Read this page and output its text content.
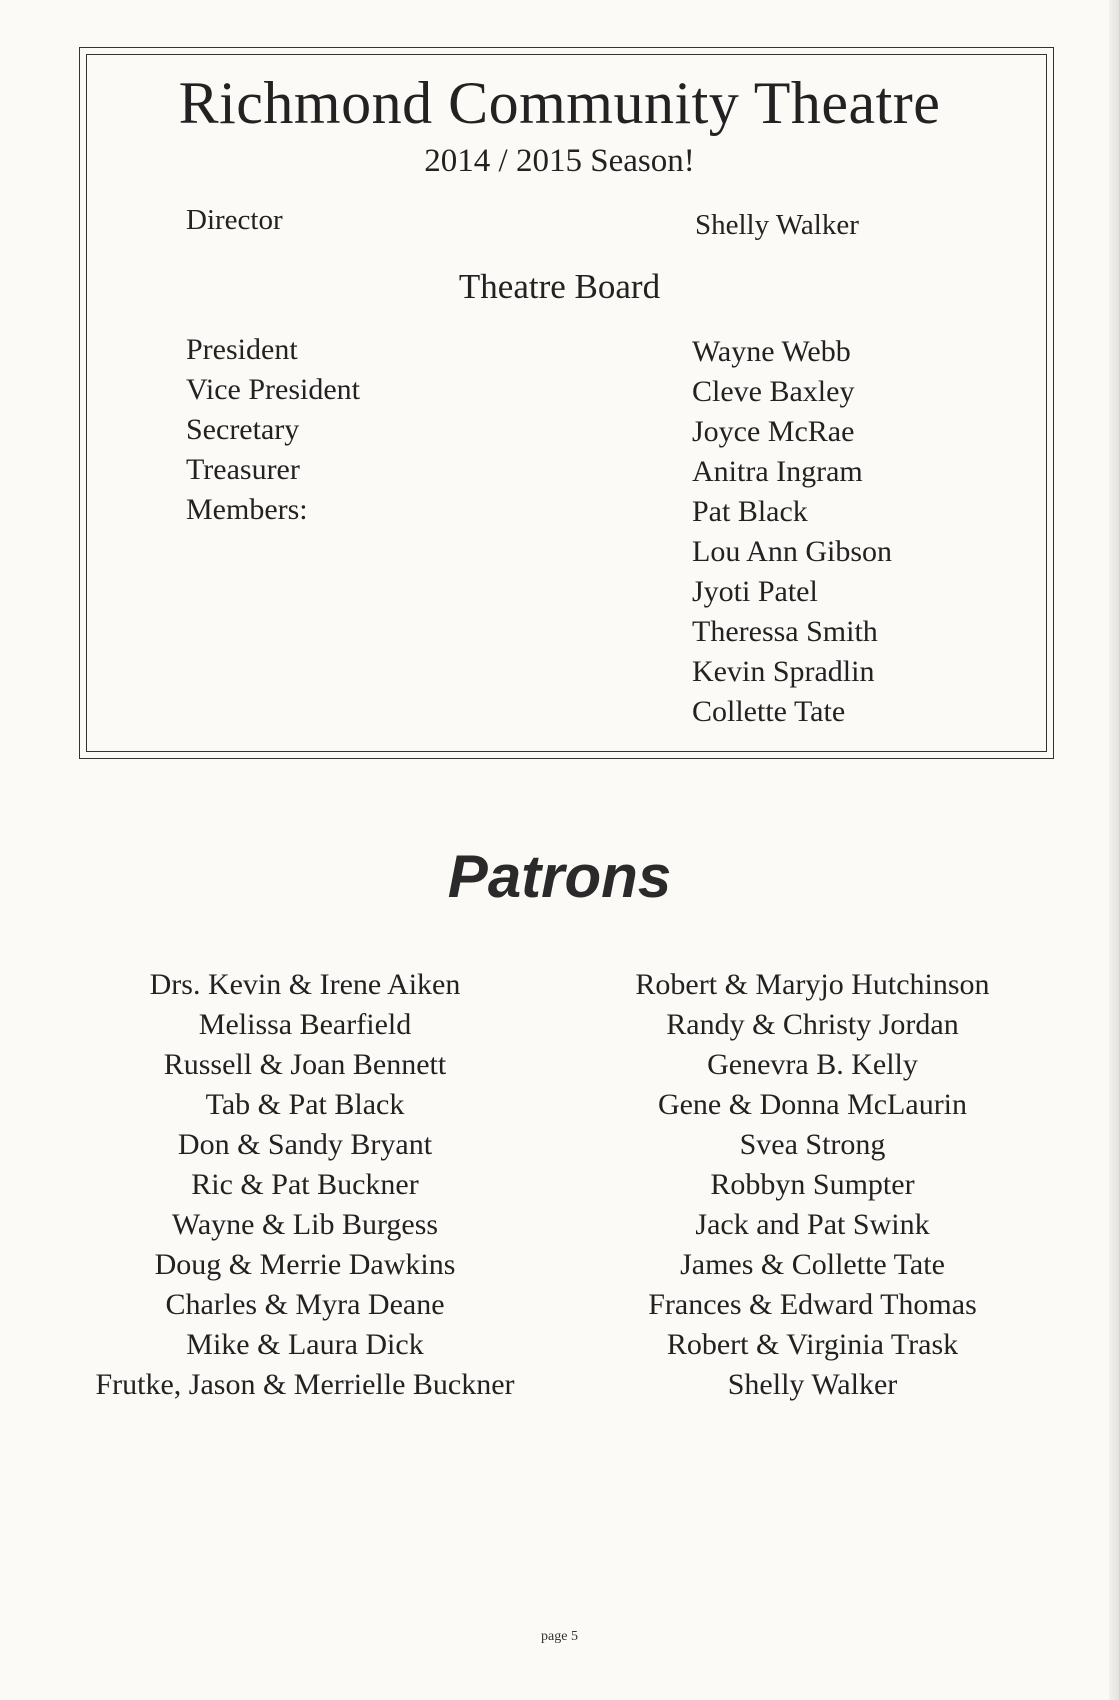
Richmond Community Theatre
2014 / 2015 Season!
Director	Shelly Walker
Theatre Board
President
Vice President
Secretary
Treasurer
Members:
Wayne Webb
Cleve Baxley
Joyce McRae
Anitra Ingram
Pat Black
Lou Ann Gibson
Jyoti Patel
Theressa Smith
Kevin Spradlin
Collette Tate
Patrons
Drs. Kevin & Irene Aiken
Melissa Bearfield
Russell & Joan Bennett
Tab & Pat Black
Don & Sandy Bryant
Ric & Pat Buckner
Wayne & Lib Burgess
Doug & Merrie Dawkins
Charles & Myra Deane
Mike & Laura Dick
Frutke, Jason & Merrielle Buckner
Robert & Maryjo Hutchinson
Randy & Christy Jordan
Genevra B. Kelly
Gene & Donna McLaurin
Svea Strong
Robbyn Sumpter
Jack and Pat Swink
James & Collette Tate
Frances & Edward Thomas
Robert & Virginia Trask
Shelly Walker
page 5
